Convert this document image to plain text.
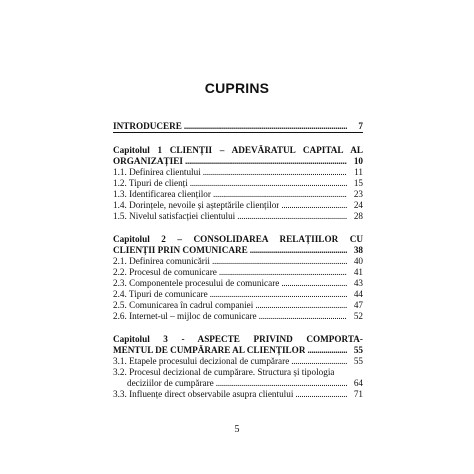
CUPRINS
INTRODUCERE . . .	7
Capitolul 1 CLIENȚII – ADEVĂRATUL CAPITAL AL
ORGANIZAȚIEI . . .	10
1.1. Definirea clientului . . .	11
1.2. Tipuri de clienți . . .	15
1.3. Identificarea clienților . . .	23
1.4. Dorințele, nevoile și așteptările clienților . . .	24
1.5. Nivelul satisfacției clientului . . .	28
Capitolul 2 – CONSOLIDAREA RELAȚIILOR CU
CLIENȚII PRIN COMUNICARE . . .	38
2.1. Definirea comunicării . . .	40
2.2. Procesul de comunicare . . .	41
2.3. Componentele procesului de comunicare . . .	43
2.4. Tipuri de comunicare . . .	44
2.5. Comunicarea în cadrul companiei . . .	47
2.6. Internet-ul – mijloc de comunicare . . .	52
Capitolul 3 - ASPECTE PRIVIND COMPORTA-
MENTUL DE CUMPĂRARE AL CLIENȚILOR . . .	55
3.1. Etapele procesului decizional de cumpărare . . .	55
3.2. Procesul decizional de cumpărare. Structura și tipologia
deciziilor de cumpărare . . .	64
3.3. Influențe direct observabile asupra clientului . . .	71
5
